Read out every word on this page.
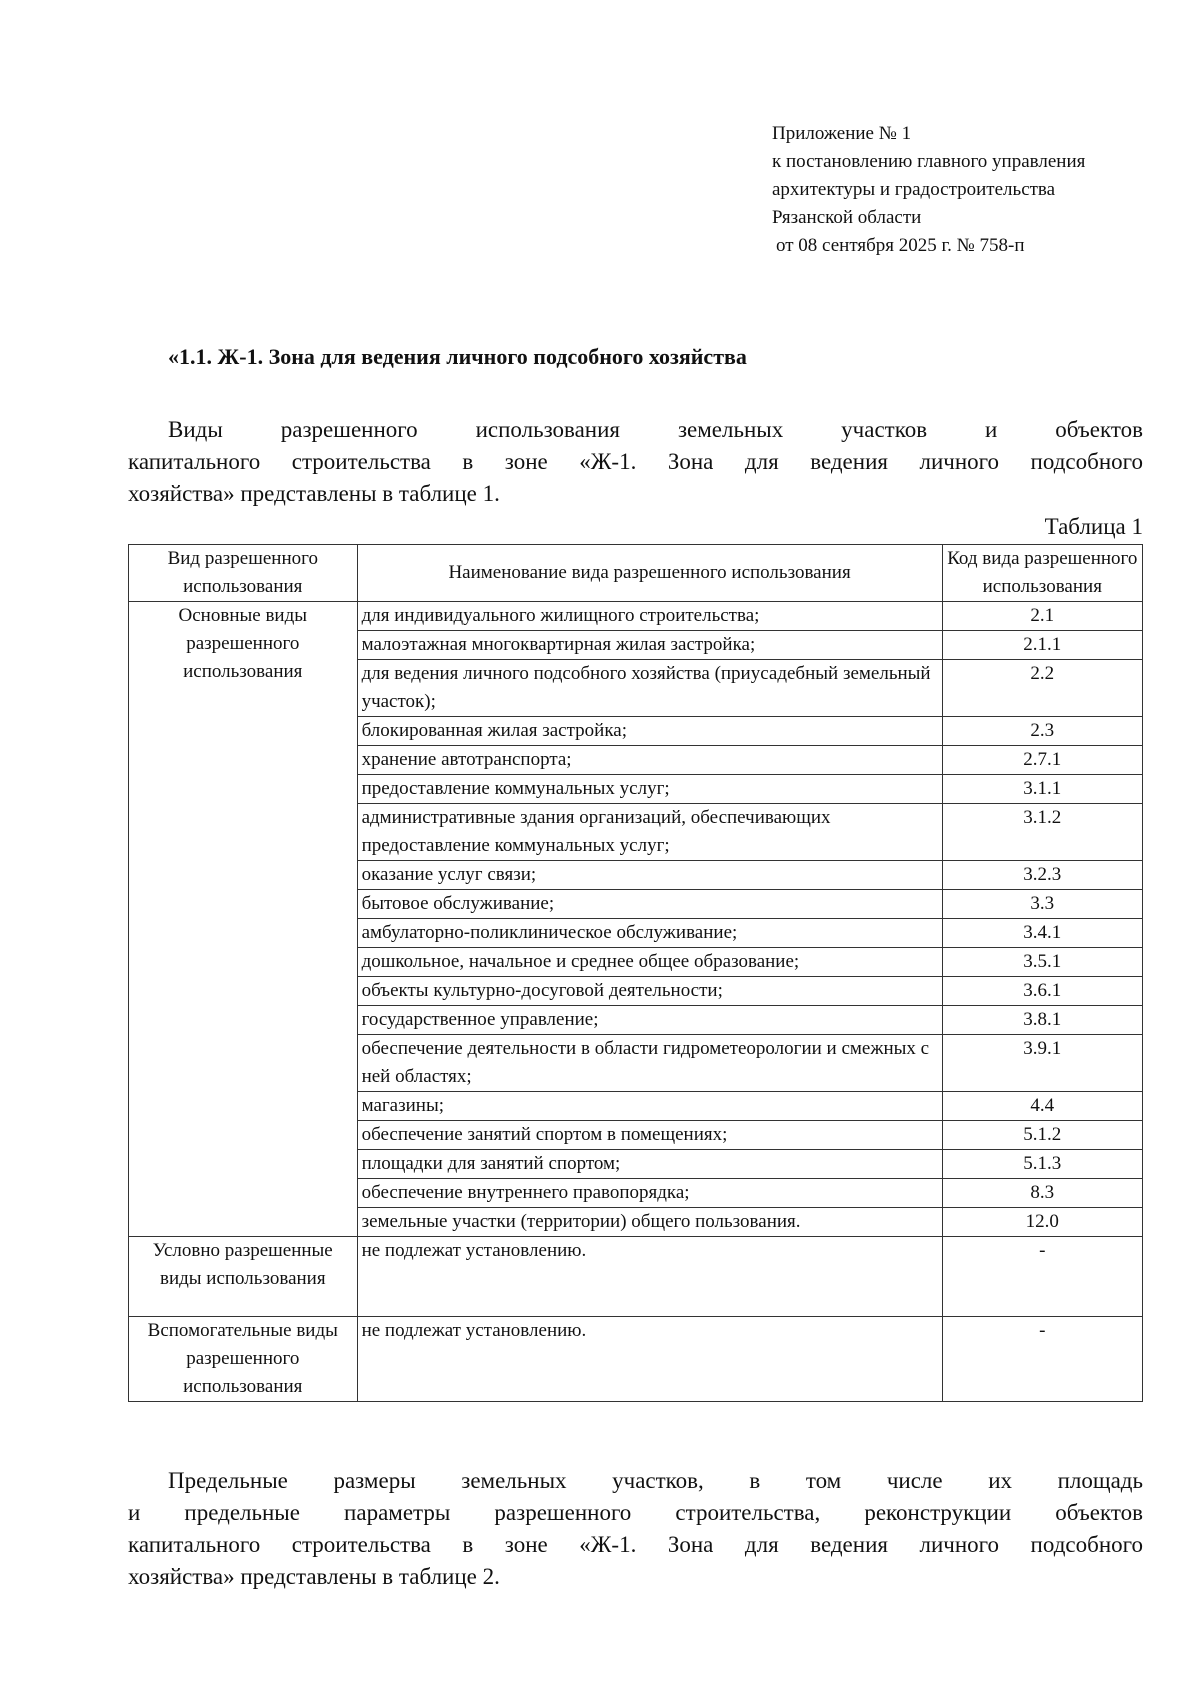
Приложение № 1
к постановлению главного управления
архитектуры и градостроительства
Рязанской области
от 08 сентября 2025 г. № 758-п
«1.1. Ж-1. Зона для ведения личного подсобного хозяйства
Виды разрешенного использования земельных участков и объектов
капитального строительства в зоне «Ж-1. Зона для ведения личного подсобного
хозяйства» представлены в таблице 1.
Таблица 1
Вид разрешенного использования	Наименование вида разрешенного использования	Код вида разрешенного использования
Основные виды разрешенного использования	для индивидуального жилищного строительства;	2.1
	малоэтажная многоквартирная жилая застройка;	2.1.1
	для ведения личного подсобного хозяйства (приусадебный земельный участок);	2.2
	блокированная жилая застройка;	2.3
	хранение автотранспорта;	2.7.1
	предоставление коммунальных услуг;	3.1.1
	административные здания организаций, обеспечивающих предоставление коммунальных услуг;	3.1.2
	оказание услуг связи;	3.2.3
	бытовое обслуживание;	3.3
	амбулаторно-поликлиническое обслуживание;	3.4.1
	дошкольное, начальное и среднее общее образование;	3.5.1
	объекты культурно-досуговой деятельности;	3.6.1
	государственное управление;	3.8.1
	обеспечение деятельности в области гидрометеорологии и смежных с ней областях;	3.9.1
	магазины;	4.4
	обеспечение занятий спортом в помещениях;	5.1.2
	площадки для занятий спортом;	5.1.3
	обеспечение внутреннего правопорядка;	8.3
	земельные участки (территории) общего пользования.	12.0
Условно разрешенные виды использования	не подлежат установлению.	-
Вспомогательные виды разрешенного использования	не подлежат установлению.	-
Предельные размеры земельных участков, в том числе их площадь
и предельные параметры разрешенного строительства, реконструкции объектов
капитального строительства в зоне «Ж-1. Зона для ведения личного подсобного
хозяйства» представлены в таблице 2.
